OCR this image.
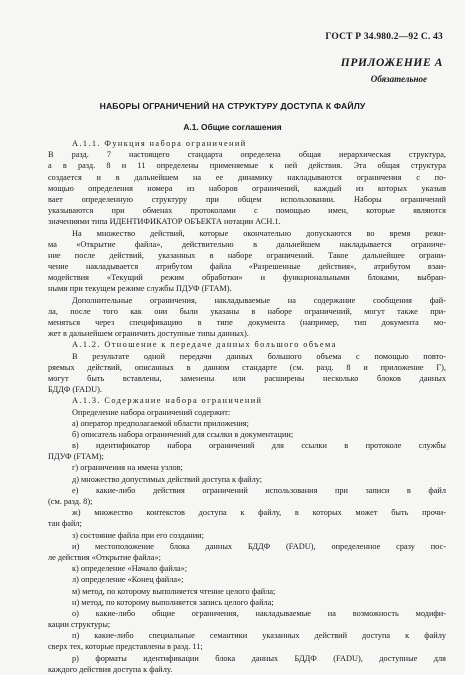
ГОСТ Р 34.980.2—92 С. 43
ПРИЛОЖЕНИЕ А
Обязательное
НАБОРЫ ОГРАНИЧЕНИЙ НА СТРУКТУРУ ДОСТУПА К ФАЙЛУ
А.1. Общие соглашения
А.1.1. Функция набора ограничений
В разд. 7 настоящего стандарта определена общая иерархическая структура,
а в разд. 8 и 11 определены применяемые к ней действия. Эта общая структура
создается и в дальнейшем на ее динамику накладываются ограничения с по-
мощью определения номера из наборов ограничений, каждый из которых указыв
вает определенную структуру при общем использовании. Наборы ограничений
указываются при обменах протоколами с помощью имен, которые являются
значениями типа ИДЕНТИФИКАТОР ОБЪЕКТА нотации АСН.1.
На множество действий, которые окончательно допускаются во время режи-
ма «Открытие файла», действительно в дальнейшем накладывается ограниче-
ние после действий, указанных в наборе ограничений. Такое дальнейшее ограни-
чение накладывается атрибутом файла «Разрешенные действия», атрибутом взаи-
модействия «Текущий режим обработки» и функциональными блоками, выбран-
ными при текущем режиме службы ПДУФ (FTAM).
Дополнительные ограничения, накладываемые на содержание сообщения фай-
ла, после того как они были указаны в наборе ограничений, могут также при-
меняться через спецификацию в типе документа (например, тип документа мо-
жет в дальнейшем ограничить доступные типы данных).
А.1.2. Отношение к передаче данных большого объема
В результате одной передачи данных большого объема с помощью повто-
ряемых действий, описанных в данном стандарте (см. разд. 8 и приложение Г),
могут быть вставлены, заменены или расширены несколько блоков данных
БДДФ (FADU).
А.1.3. Содержание набора ограничений
Определение набора ограничений содержит:
а) оператор предполагаемой области приложения;
б) описатель набора ограничений для ссылки в документации;
в) идентификатор набора ограничений для ссылки в протоколе службы
ПДУФ (FTAM);
г) ограничения на имена узлов;
д) множество допустимых действий доступа к файлу;
е) какие-либо действия ограничений использования при записи в файл
(см. разд. 8);
ж) множество контекстов доступа к файлу, в которых может быть прочи-
тан файл;
з) состояние файла при его создании;
и) местоположение блока данных БДДФ (FADU), определенное сразу пос-
ле действия «Открытие файла»;
к) определение «Начало файла»;
л) определение «Конец файла»;
м) метод, по которому выполняется чтение целого файла;
н) метод, по которому выполняется запись целого файла;
о) какие-либо общие ограничения, накладываемые на возможность модифи-
кации структуры;
п) какие-либо специальные семантики указанных действий доступа к файлу
сверх тех, которые представлены в разд. 11;
р) форматы идентификации блока данных БДДФ (FADU), доступные для
каждого действия доступа к файлу.
